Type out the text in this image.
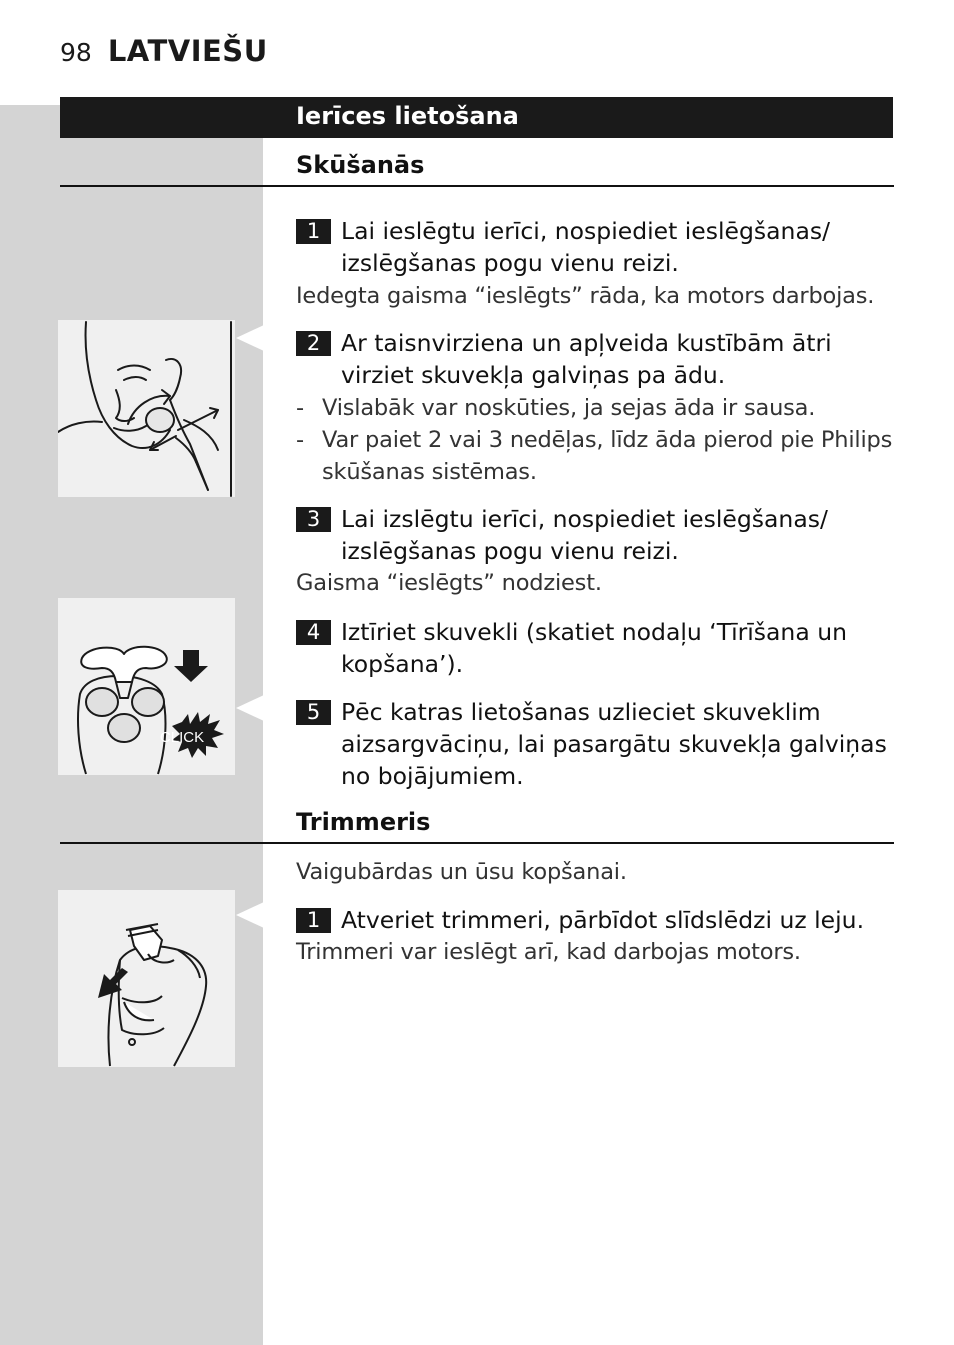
98 LATVIEŠU
Ierīces lietošana
Skūšanās
1 Lai ieslēgtu ierīci, nospiediet ieslēgšanas/ izslēgšanas pogu vienu reizi.
Iedegta gaisma “ieslēgts” rāda, ka motors darbojas.
2 Ar taisnvirziena un apļveida kustībām ātri virziet skuvekļa galviņas pa ādu.
- Vislabāk var noskūties, ja sejas āda ir sausa.
- Var paiet 2 vai 3 nedēļas, līdz āda pierod pie Philips skūšanas sistēmas.
3 Lai izslēgtu ierīci, nospiediet ieslēgšanas/ izslēgšanas pogu vienu reizi.
Gaisma “ieslēgts” nodziest.
4 Iztīriet skuvekli (skatiet nodaļu ‘Tīrīšana un kopšana’).
5 Pēc katras lietošanas uzlieciet skuveklim aizsargvāciņu, lai pasargātu skuvekļa galviņas no bojājumiem.
Trimmeris
Vaigubārdas un ūsu kopšanai.
1 Atveriet trimmeri, pārbīdot slīdslēdzi uz leju.
Trimmeri var ieslēgt arī, kad darbojas motors.
CLICK
